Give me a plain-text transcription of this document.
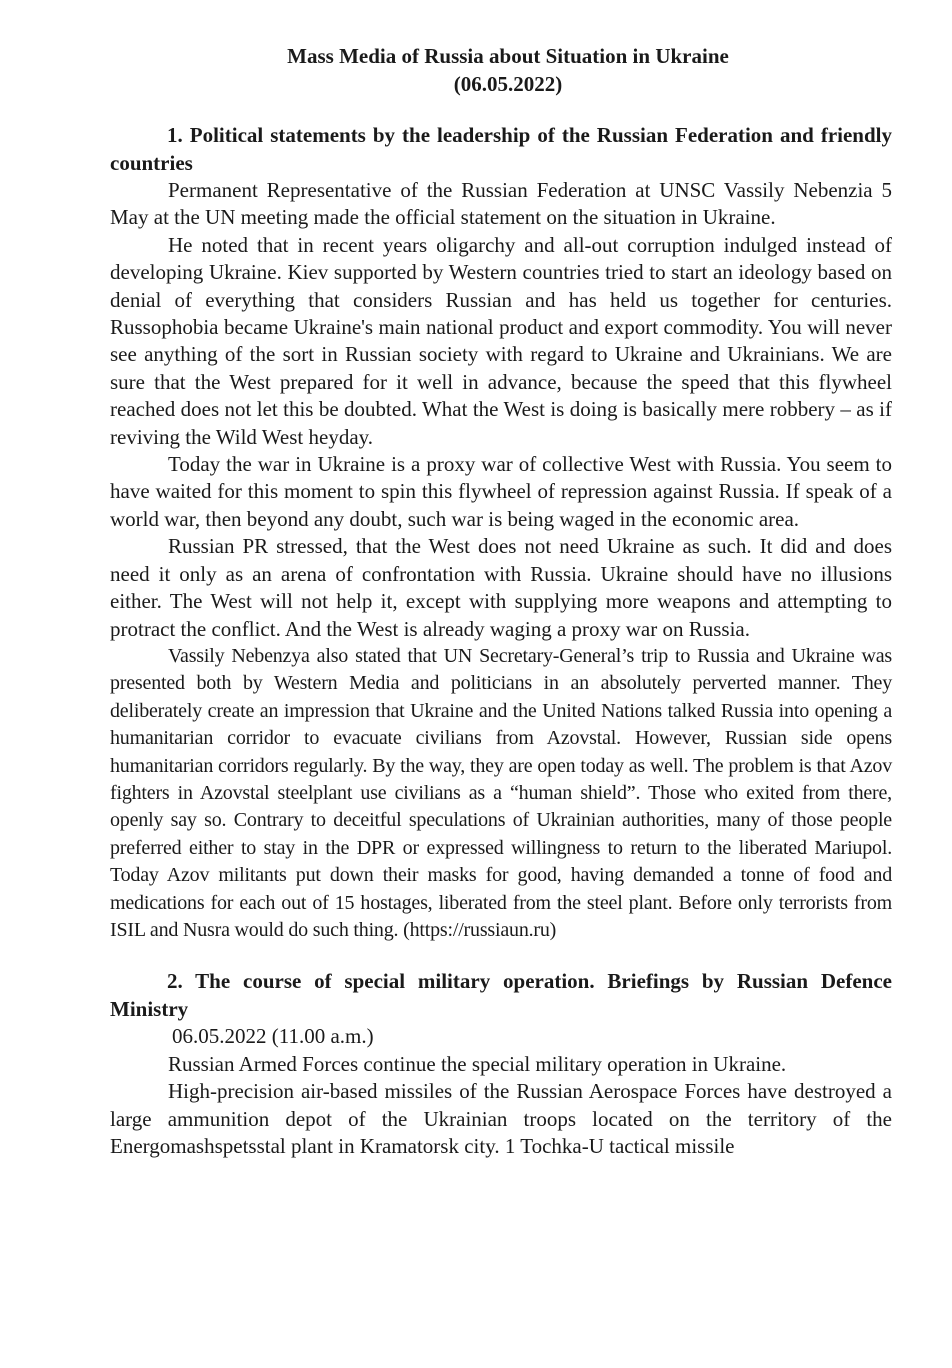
Mass Media of Russia about Situation in Ukraine
(06.05.2022)
1. Political statements by the leadership of the Russian Federation and friendly countries

Permanent Representative of the Russian Federation at UNSC Vassily Nebenzia 5 May at the UN meeting made the official statement on the situation in Ukraine.

He noted that in recent years oligarchy and all-out corruption indulged instead of developing Ukraine. Kiev supported by Western countries tried to start an ideology based on denial of everything that considers Russian and has held us together for centuries. Russophobia became Ukraine's main national product and export commodity. You will never see anything of the sort in Russian society with regard to Ukraine and Ukrainians. We are sure that the West prepared for it well in advance, because the speed that this flywheel reached does not let this be doubted. What the West is doing is basically mere robbery – as if reviving the Wild West heyday.

Today the war in Ukraine is a proxy war of collective West with Russia. You seem to have waited for this moment to spin this flywheel of repression against Russia. If speak of a world war, then beyond any doubt, such war is being waged in the economic area.

Russian PR stressed, that the West does not need Ukraine as such. It did and does need it only as an arena of confrontation with Russia. Ukraine should have no illusions either. The West will not help it, except with supplying more weapons and attempting to protract the conflict. And the West is already waging a proxy war on Russia.

Vassily Nebenzya also stated that UN Secretary-General’s trip to Russia and Ukraine was presented both by Western Media and politicians in an absolutely perverted manner. They deliberately create an impression that Ukraine and the United Nations talked Russia into opening a humanitarian corridor to evacuate civilians from Azovstal. However, Russian side opens humanitarian corridors regularly. By the way, they are open today as well. The problem is that Azov fighters in Azovstal steelplant use civilians as a “human shield”. Those who exited from there, openly say so. Contrary to deceitful speculations of Ukrainian authorities, many of those people preferred either to stay in the DPR or expressed willingness to return to the liberated Mariupol. Today Azov militants put down their masks for good, having demanded a tonne of food and medications for each out of 15 hostages, liberated from the steel plant. Before only terrorists from ISIL and Nusra would do such thing. (https://russiaun.ru)

2. The course of special military operation. Briefings by Russian Defence Ministry

06.05.2022 (11.00 a.m.)

Russian Armed Forces continue the special military operation in Ukraine.

High-precision air-based missiles of the Russian Aerospace Forces have destroyed a large ammunition depot of the Ukrainian troops located on the territory of the Energomashspetsstal plant in Kramatorsk city. 1 Tochka-U tactical missile
